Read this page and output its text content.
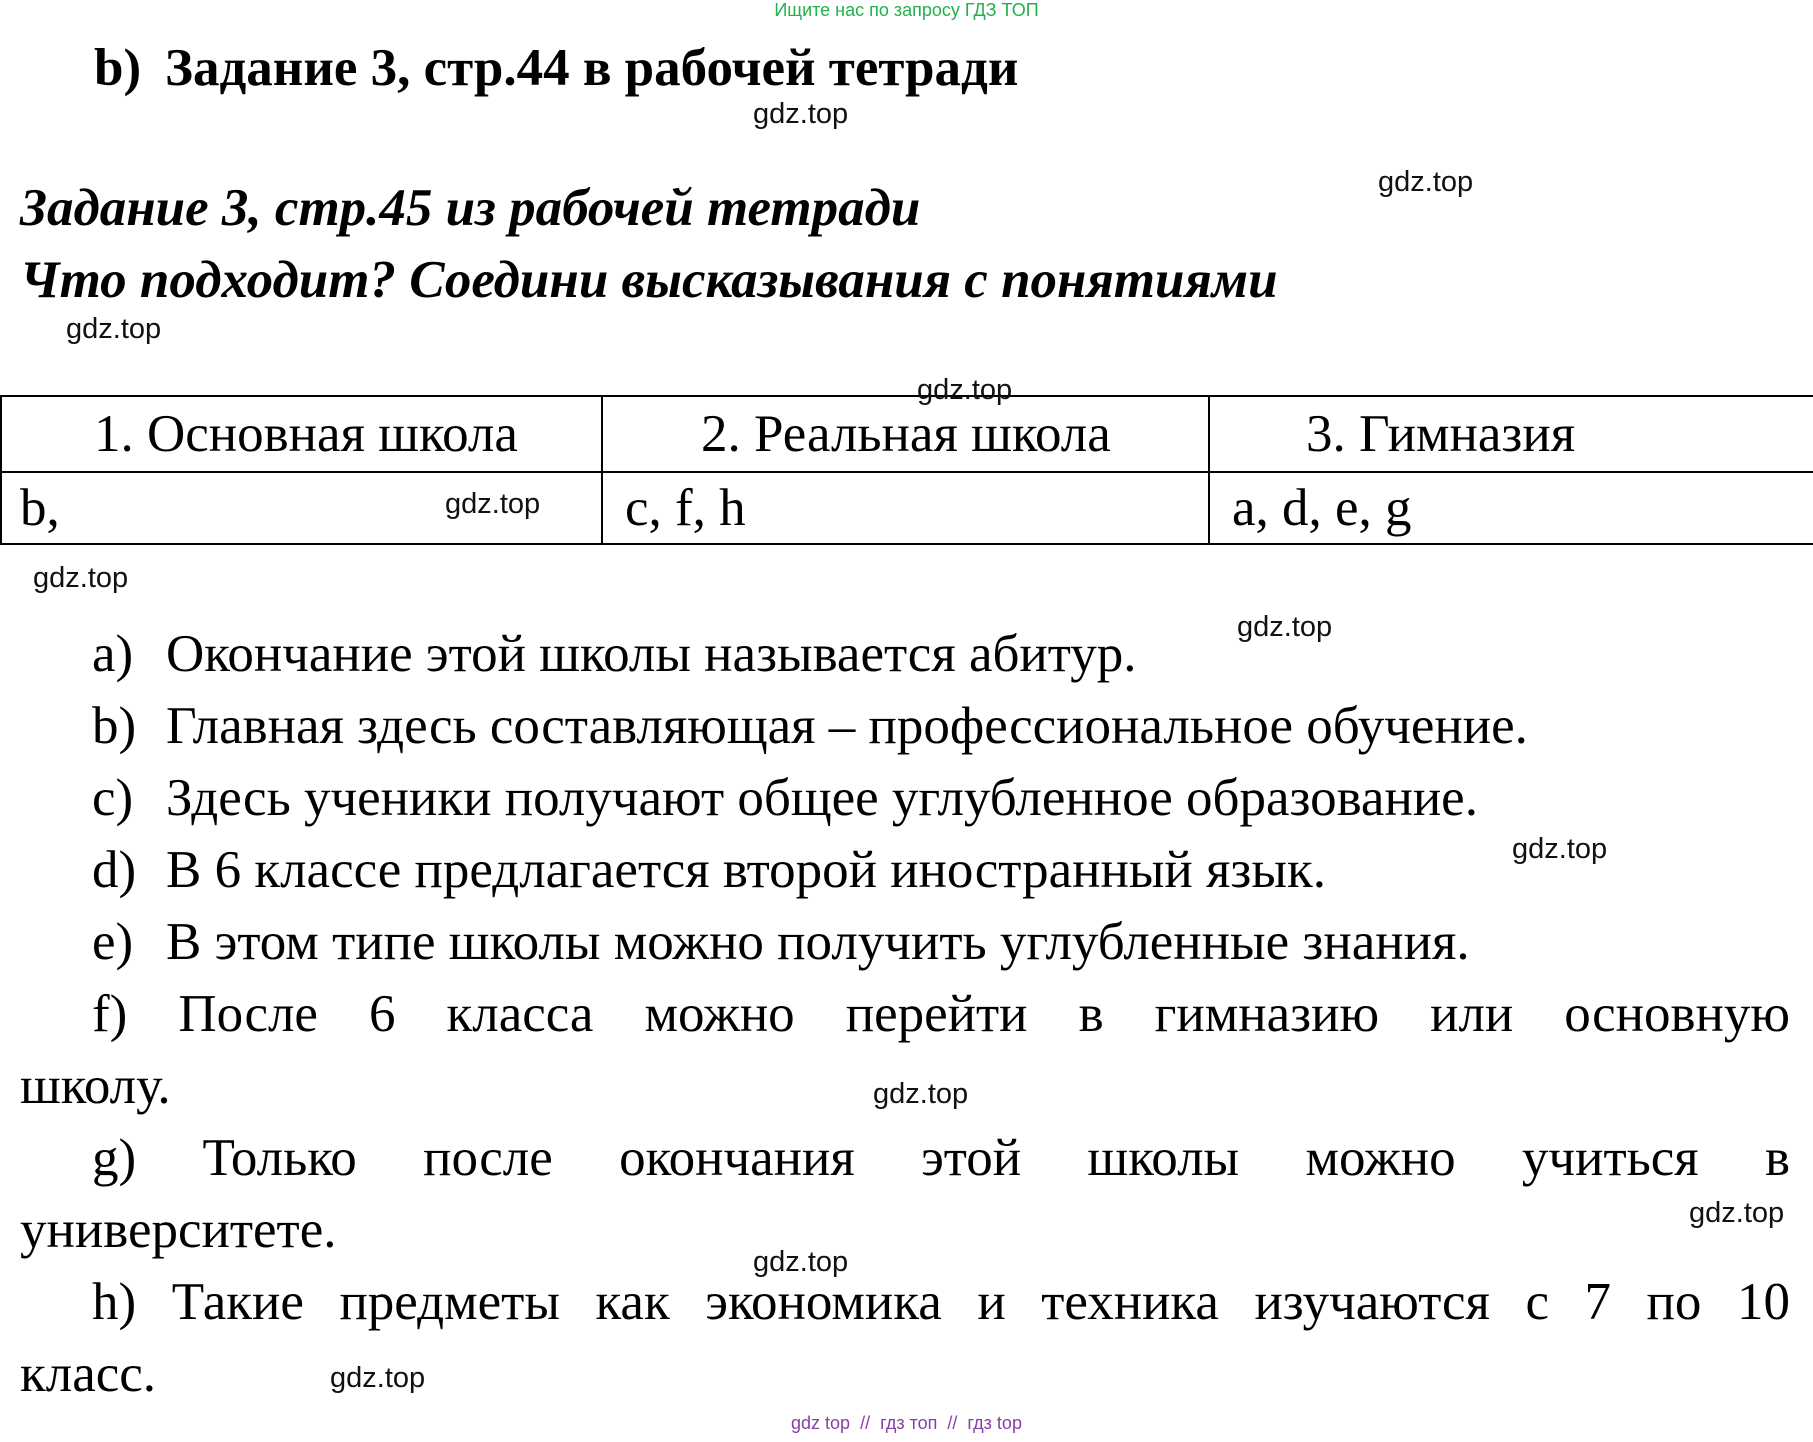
Ищите нас по запросу ГДЗ ТОП
b) Задание 3, стр.44 в рабочей тетради
Задание 3, стр.45 из рабочей тетради
Что подходит? Соедини высказывания с понятиями
1. Основная школа	2. Реальная школа	3. Гимназия
b,	c, f, h	a, d, e, g
a) Окончание этой школы называется абитур.
b) Главная здесь составляющая – профессиональное обучение.
c) Здесь ученики получают общее углубленное образование.
d) В 6 классе предлагается второй иностранный язык.
e) В этом типе школы можно получить углубленные знания.
f) После 6 класса можно перейти в гимназию или основную
школу.
g) Только после окончания этой школы можно учиться в
университете.
h) Такие предметы как экономика и техника изучаются с 7 по 10
класс.
gdz.top
gdz.top
gdz.top
gdz.top
gdz.top
gdz.top
gdz.top
gdz.top
gdz.top
gdz.top
gdz.top
gdz.top
gdz top // гдз топ // гдз top
